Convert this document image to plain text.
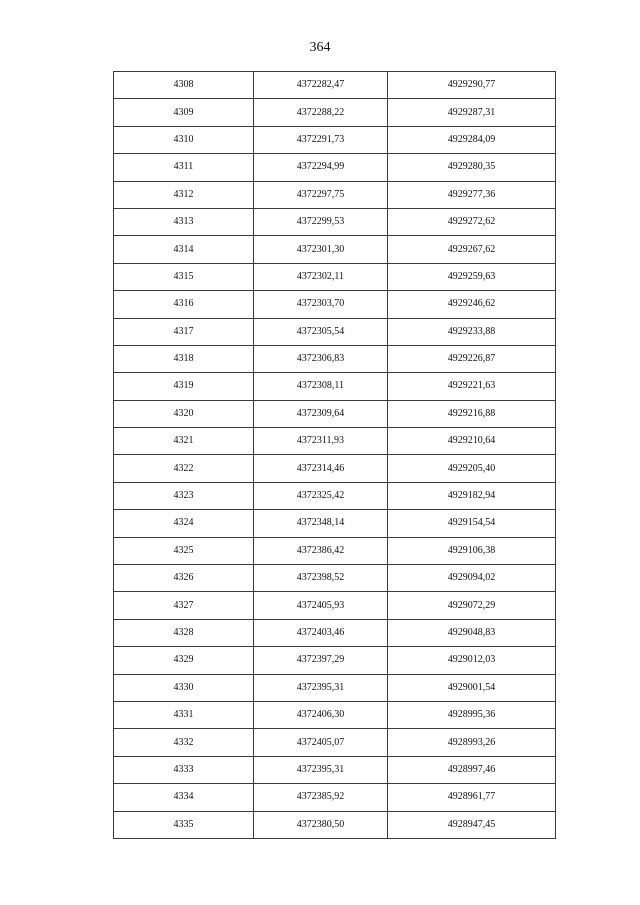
364
4308	4372282,47	4929290,77
4309	4372288,22	4929287,31
4310	4372291,73	4929284,09
4311	4372294,99	4929280,35
4312	4372297,75	4929277,36
4313	4372299,53	4929272,62
4314	4372301,30	4929267,62
4315	4372302,11	4929259,63
4316	4372303,70	4929246,62
4317	4372305,54	4929233,88
4318	4372306,83	4929226,87
4319	4372308,11	4929221,63
4320	4372309,64	4929216,88
4321	4372311,93	4929210,64
4322	4372314,46	4929205,40
4323	4372325,42	4929182,94
4324	4372348,14	4929154,54
4325	4372386,42	4929106,38
4326	4372398,52	4929094,02
4327	4372405,93	4929072,29
4328	4372403,46	4929048,83
4329	4372397,29	4929012,03
4330	4372395,31	4929001,54
4331	4372406,30	4928995,36
4332	4372405,07	4928993,26
4333	4372395,31	4928997,46
4334	4372385,92	4928961,77
4335	4372380,50	4928947,45
